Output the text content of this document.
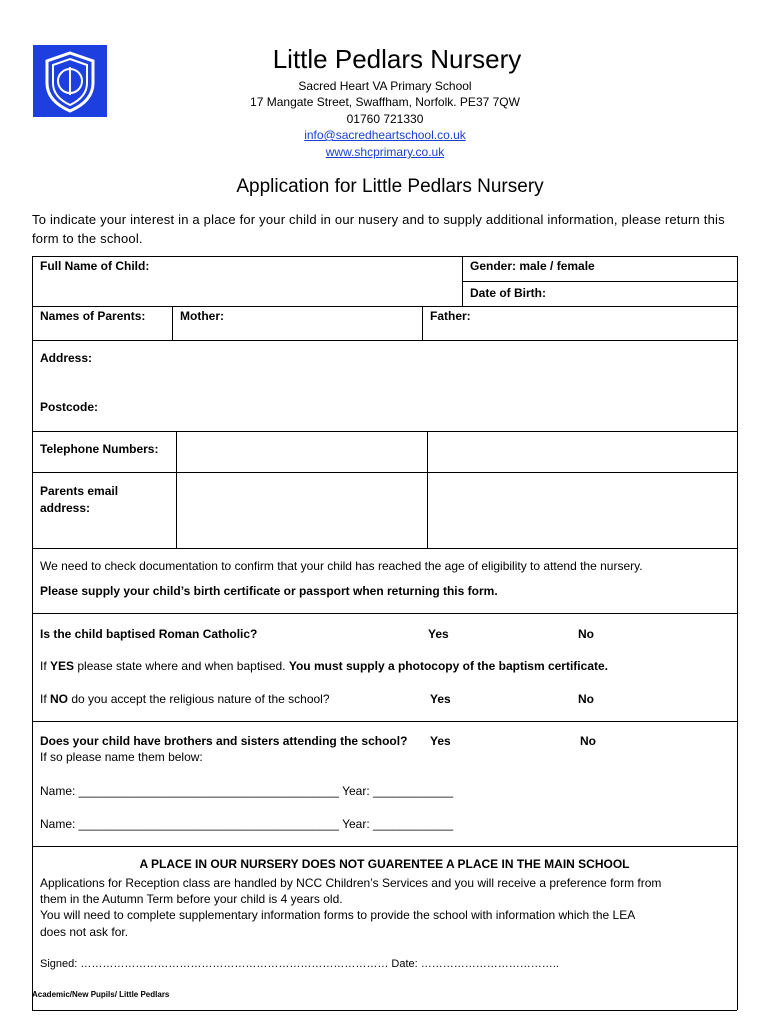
Little Pedlars Nursery
Sacred Heart VA Primary School
17 Mangate Street, Swaffham, Norfolk. PE37 7QW
01760 721330
info@sacredheartschool.co.uk
www.shcprimary.co.uk
Application for Little Pedlars Nursery
To indicate your interest in a place for your child in our nusery and to supply additional information, please return this form to the school.
Full Name of Child:	Gender: male / female
Date of Birth:
Names of Parents:	Mother:	Father:
Address:
Postcode:
Telephone Numbers:
Parents email
address:
We need to check documentation to confirm that your child has reached the age of eligibility to attend the nursery.
Please supply your child’s birth certificate or passport when returning this form.
Is the child baptised Roman Catholic?	Yes	No
If YES please state where and when baptised. You must supply a photocopy of the baptism certificate.
If NO do you accept the religious nature of the school?	Yes	No
Does your child have brothers and sisters attending the school? Yes	No
If so please name them below:
Name: _______________________________________ Year: ____________
Name: _______________________________________ Year: ____________
A PLACE IN OUR NURSERY DOES NOT GUARENTEE A PLACE IN THE MAIN SCHOOL
Applications for Reception class are handled by NCC Children’s Services and you will receive a preference form from
them in the Autumn Term before your child is 4 years old.
You will need to complete supplementary information forms to provide the school with information which the LEA
does not ask for.
Signed: ………………………………………………………………………… Date: ………………………………..
Academic/New Pupils/ Little Pedlars
